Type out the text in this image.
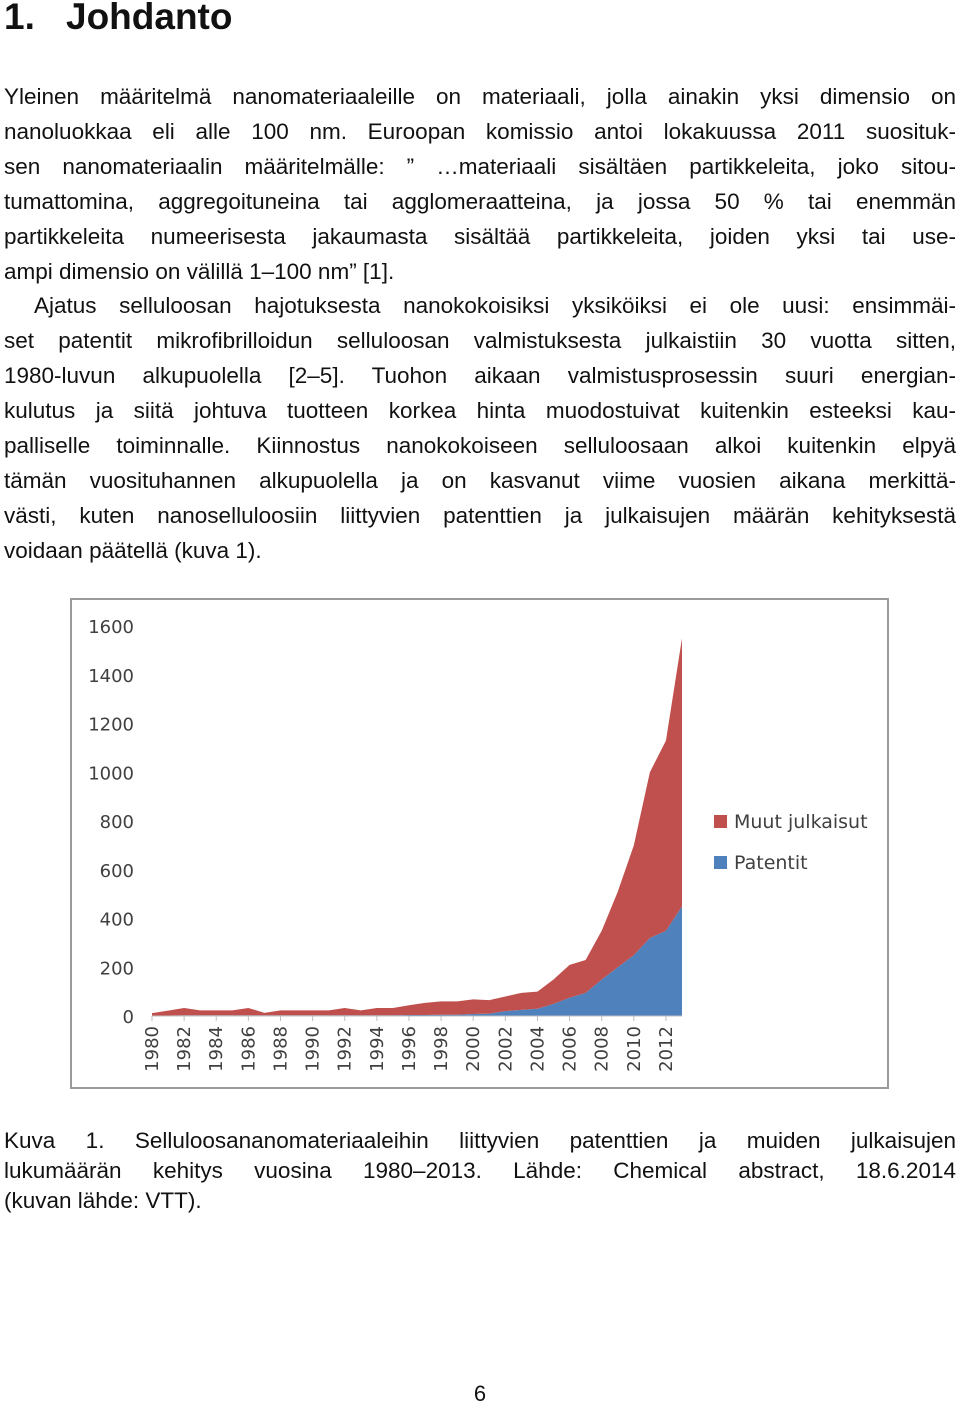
1. Johdanto

Yleinen määritelmä nanomateriaaleille on materiaali, jolla ainakin yksi dimensio on
nanoluokkaa eli alle 100 nm. Euroopan komissio antoi lokakuussa 2011 suosituk-
sen nanomateriaalin määritelmälle: ” …materiaali sisältäen partikkeleita, joko sitou-
tumattomina, aggregoituneina tai agglomeraatteina, ja jossa 50 % tai enemmän
partikkeleita numeerisesta jakaumasta sisältää partikkeleita, joiden yksi tai use-
ampi dimensio on välillä 1–100 nm” [1].

Ajatus selluloosan hajotuksesta nanokokoisiksi yksiköiksi ei ole uusi: ensimmäi-
set patentit mikrofibrilloidun selluloosan valmistuksesta julkaistiin 30 vuotta sitten,
1980-luvun alkupuolella [2–5]. Tuohon aikaan valmistusprosessin suuri energian-
kulutus ja siitä johtuva tuotteen korkea hinta muodostuivat kuitenkin esteeksi kau-
palliselle toiminnalle. Kiinnostus nanokokoiseen selluloosaan alkoi kuitenkin elpyä
tämän vuosituhannen alkupuolella ja on kasvanut viime vuosien aikana merkittä-
västi, kuten nanoselluloosiin liittyvien patenttien ja julkaisujen määrän kehityksestä
voidaan päätellä (kuva 1).

0
200
400
600
800
1000
1200
1400
1600
1980 1982 1984 1986 1988 1990 1992 1994 1996 1998 2000 2002 2004 2006 2008 2010 2012
Muut julkaisut
Patentit

Kuva 1. Selluloosananomateriaaleihin liittyvien patenttien ja muiden julkaisujen
lukumäärän kehitys vuosina 1980–2013. Lähde: Chemical abstract, 18.6.2014
(kuvan lähde: VTT).

6
